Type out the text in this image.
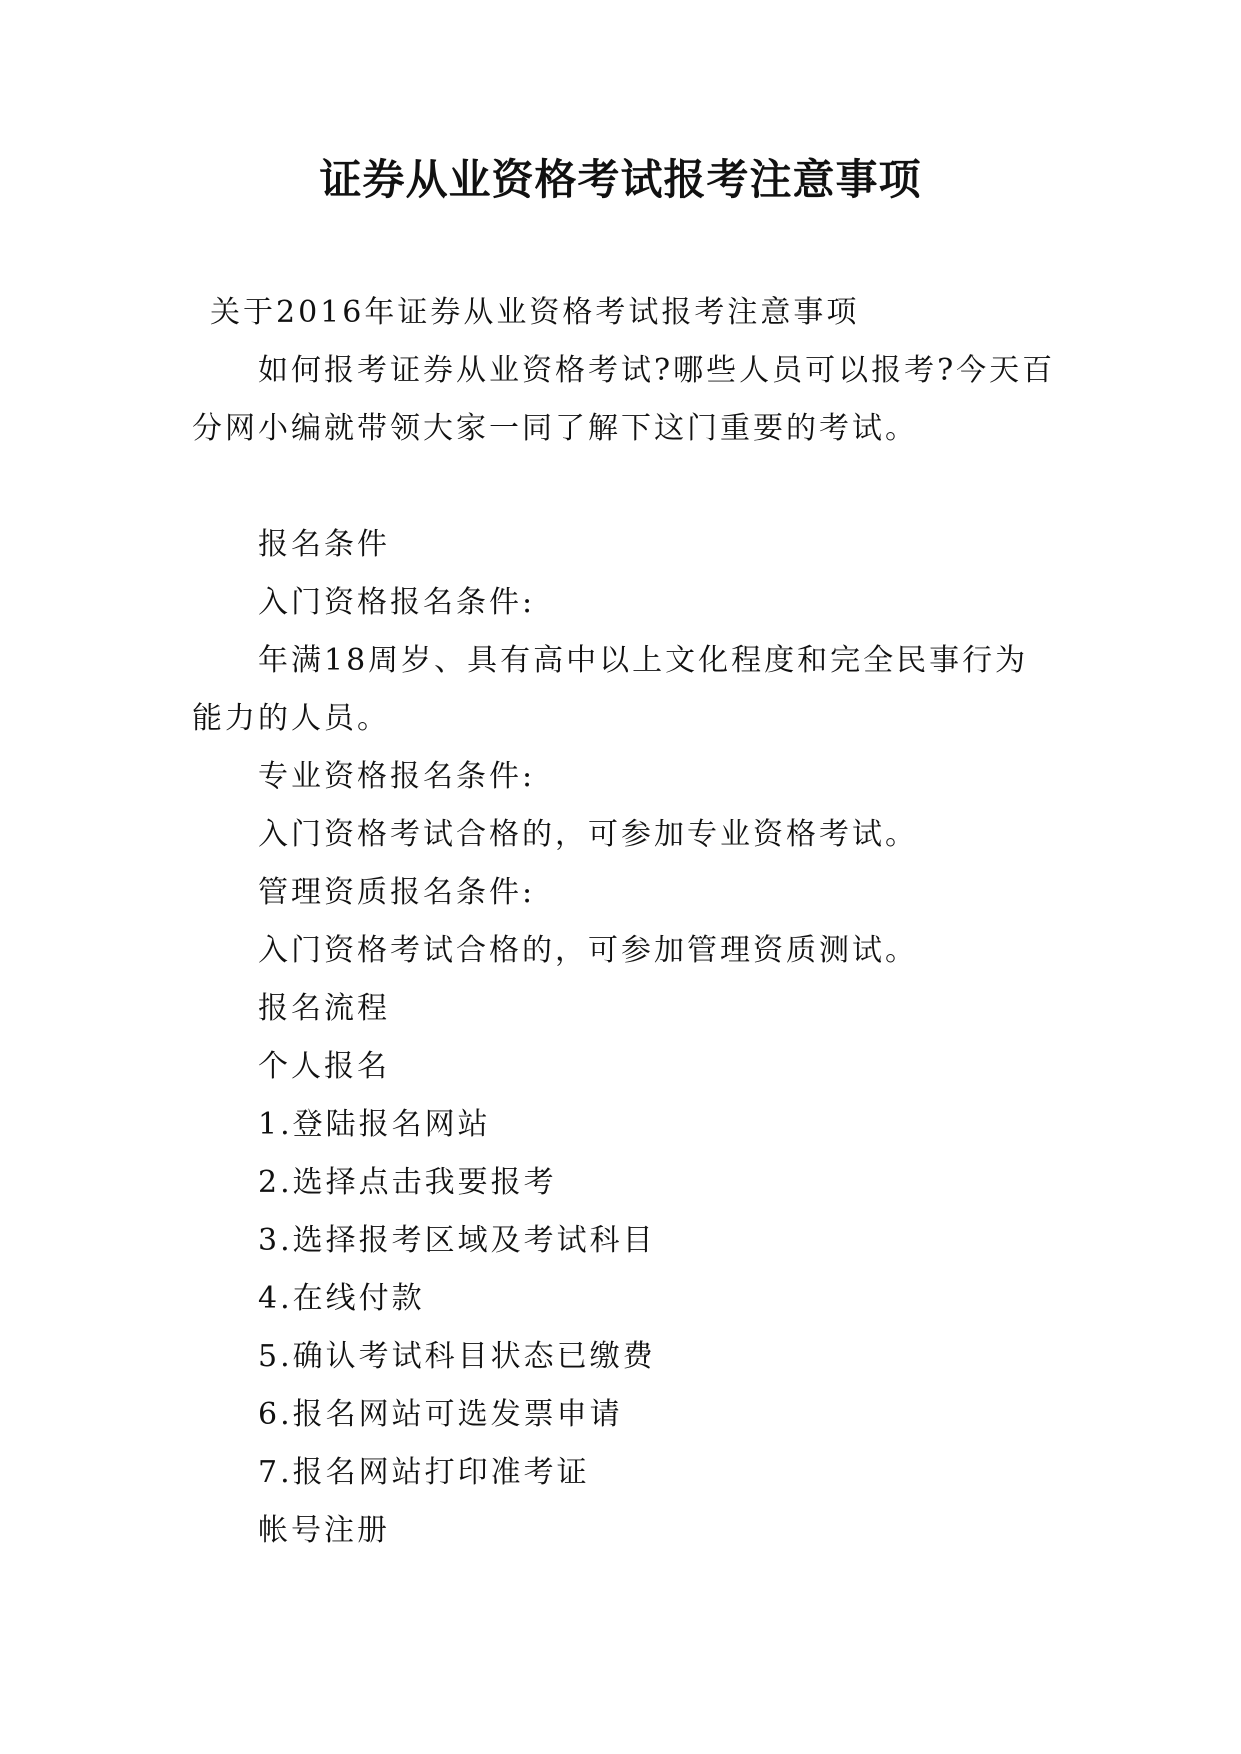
证券从业资格考试报考注意事项

关于2016年证券从业资格考试报考注意事项

如何报考证券从业资格考试?哪些人员可以报考?今天百分网小编就带领大家一同了解下这门重要的考试。

报名条件

入门资格报名条件:

年满18周岁、具有高中以上文化程度和完全民事行为能力的人员。

专业资格报名条件:

入门资格考试合格的，可参加专业资格考试。

管理资质报名条件:

入门资格考试合格的，可参加管理资质测试。

报名流程

个人报名

1.登陆报名网站

2.选择点击我要报考

3.选择报考区域及考试科目

4.在线付款

5.确认考试科目状态已缴费

6.报名网站可选发票申请

7.报名网站打印准考证

帐号注册
